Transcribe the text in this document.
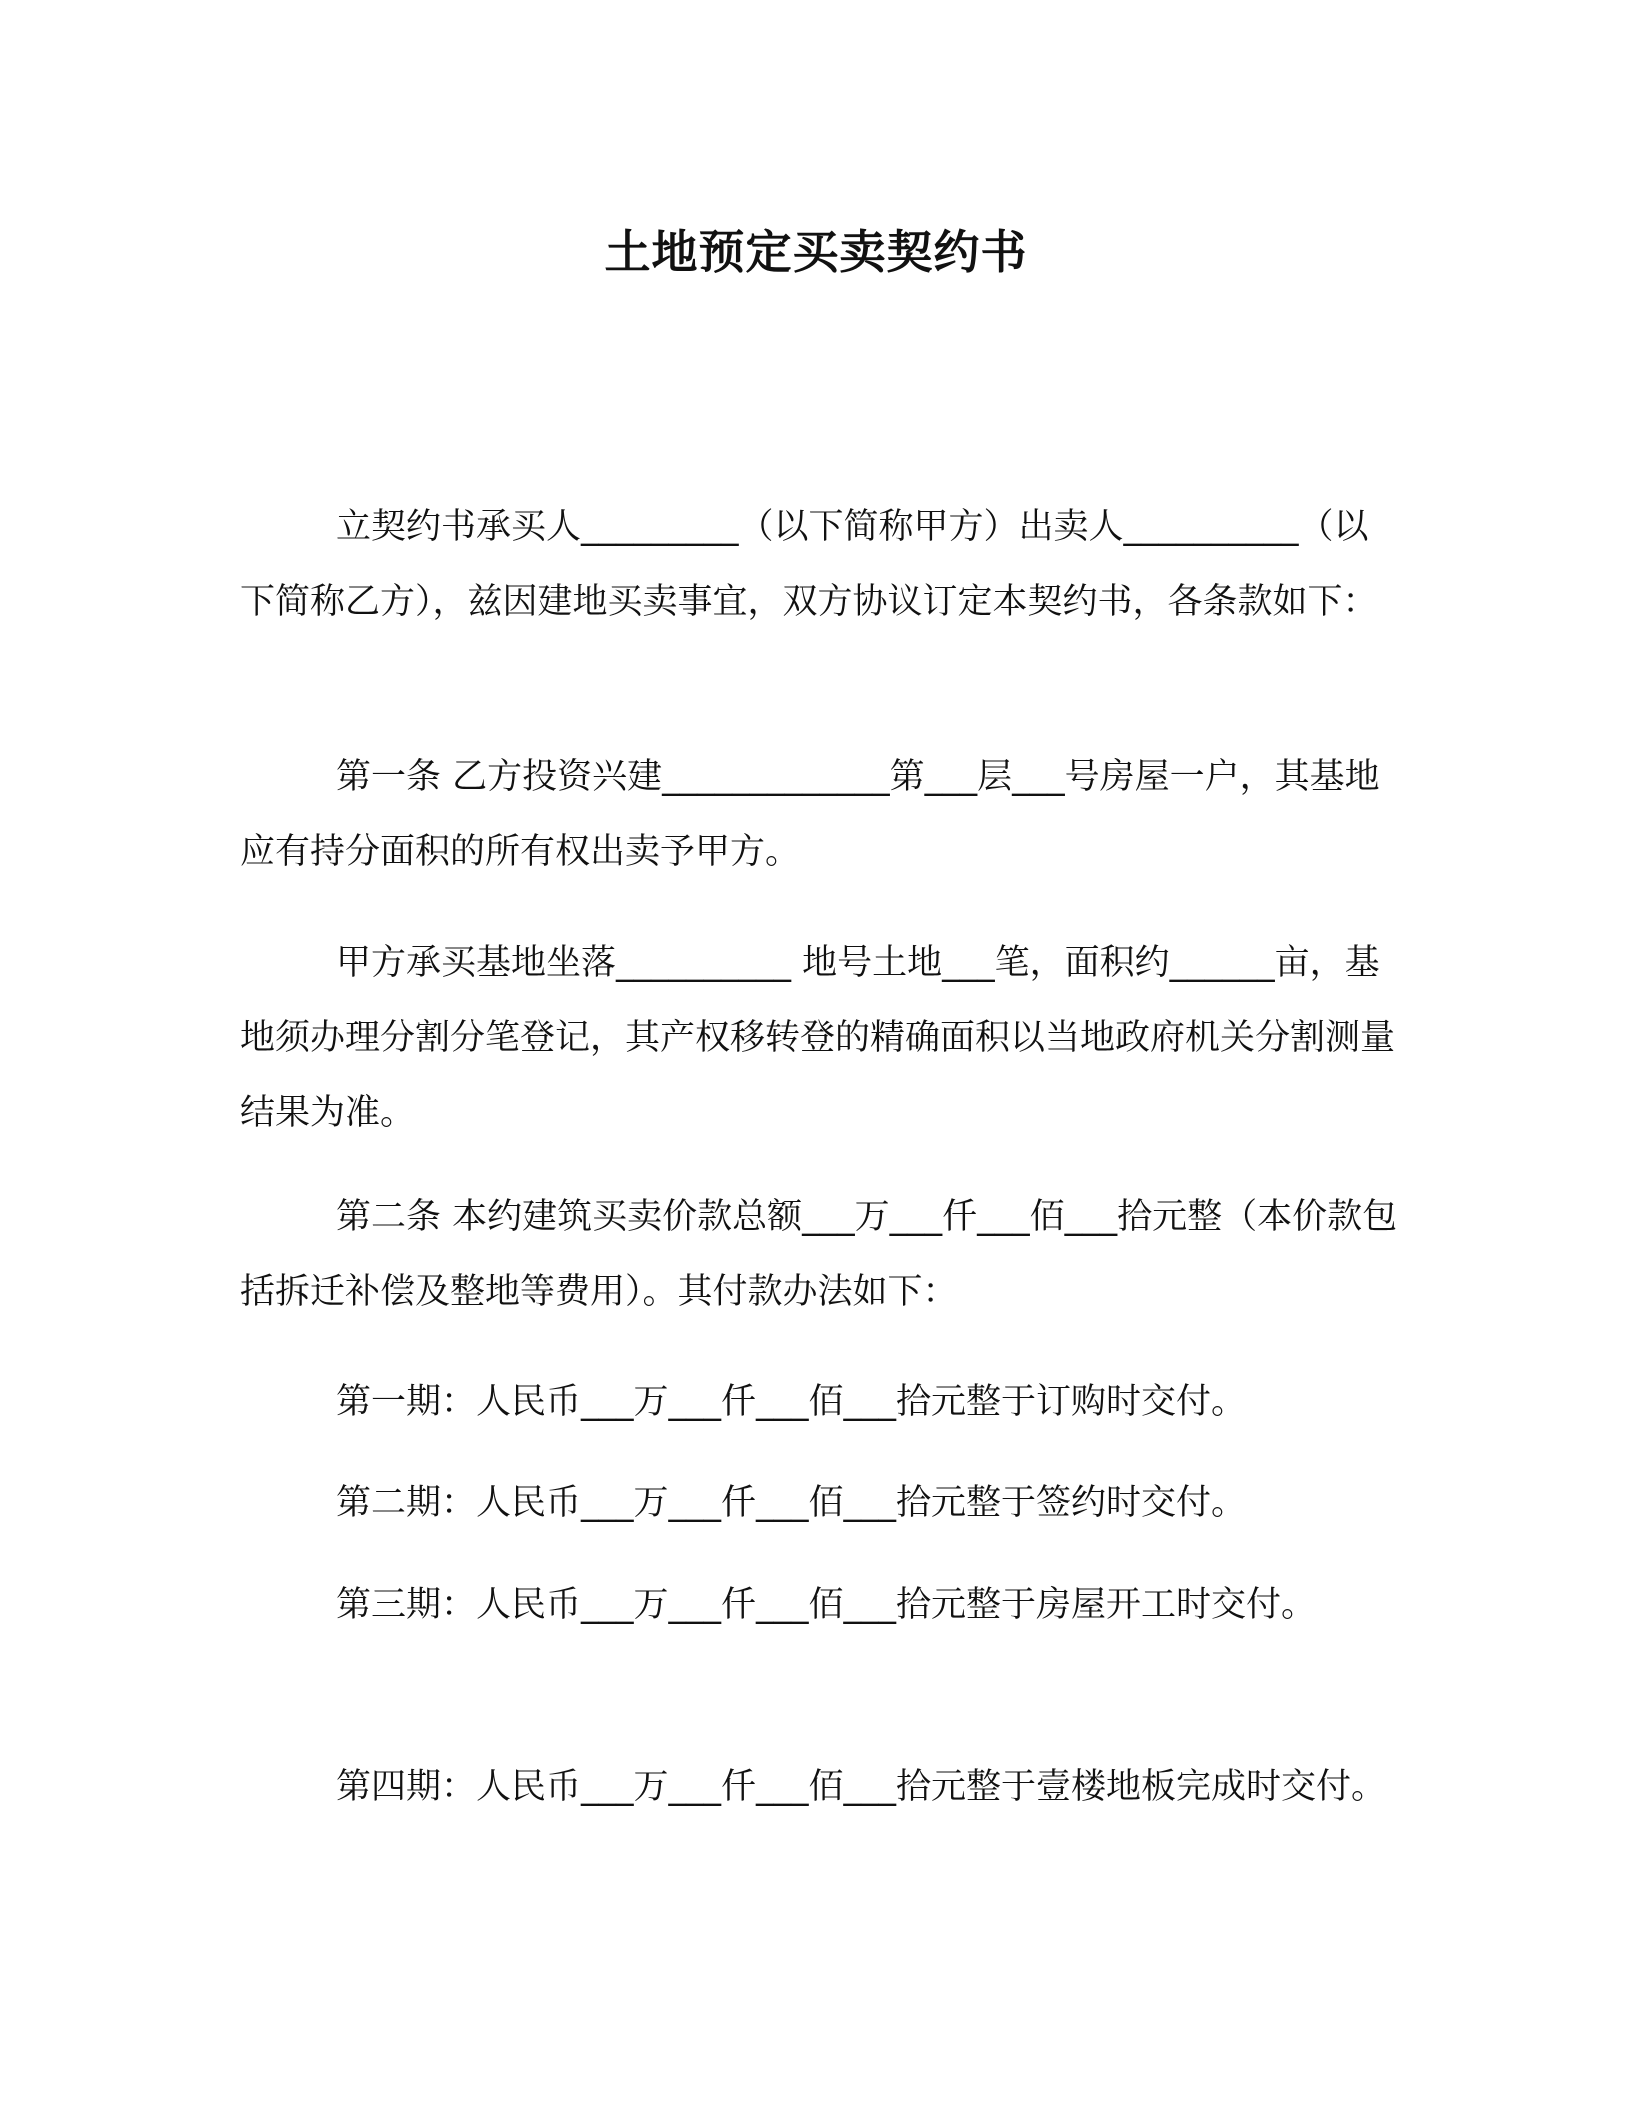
土地预定买卖契约书
立契约书承买人_________（以下简称甲方）出卖人__________（以下简称乙方），兹因建地买卖事宜，双方协议订定本契约书，各条款如下：
第一条 乙方投资兴建_____________第___层___号房屋一户，其基地应有持分面积的所有权出卖予甲方。
甲方承买基地坐落__________ 地号土地___笔，面积约______亩，基地须办理分割分笔登记，其产权移转登的精确面积以当地政府机关分割测量结果为准。
第二条 本约建筑买卖价款总额___万___仟___佰___拾元整（本价款包括拆迁补偿及整地等费用）。其付款办法如下：
第一期：人民币___万___仟___佰___拾元整于订购时交付。
第二期：人民币___万___仟___佰___拾元整于签约时交付。
第三期：人民币___万___仟___佰___拾元整于房屋开工时交付。
第四期：人民币___万___仟___佰___拾元整于壹楼地板完成时交付。
